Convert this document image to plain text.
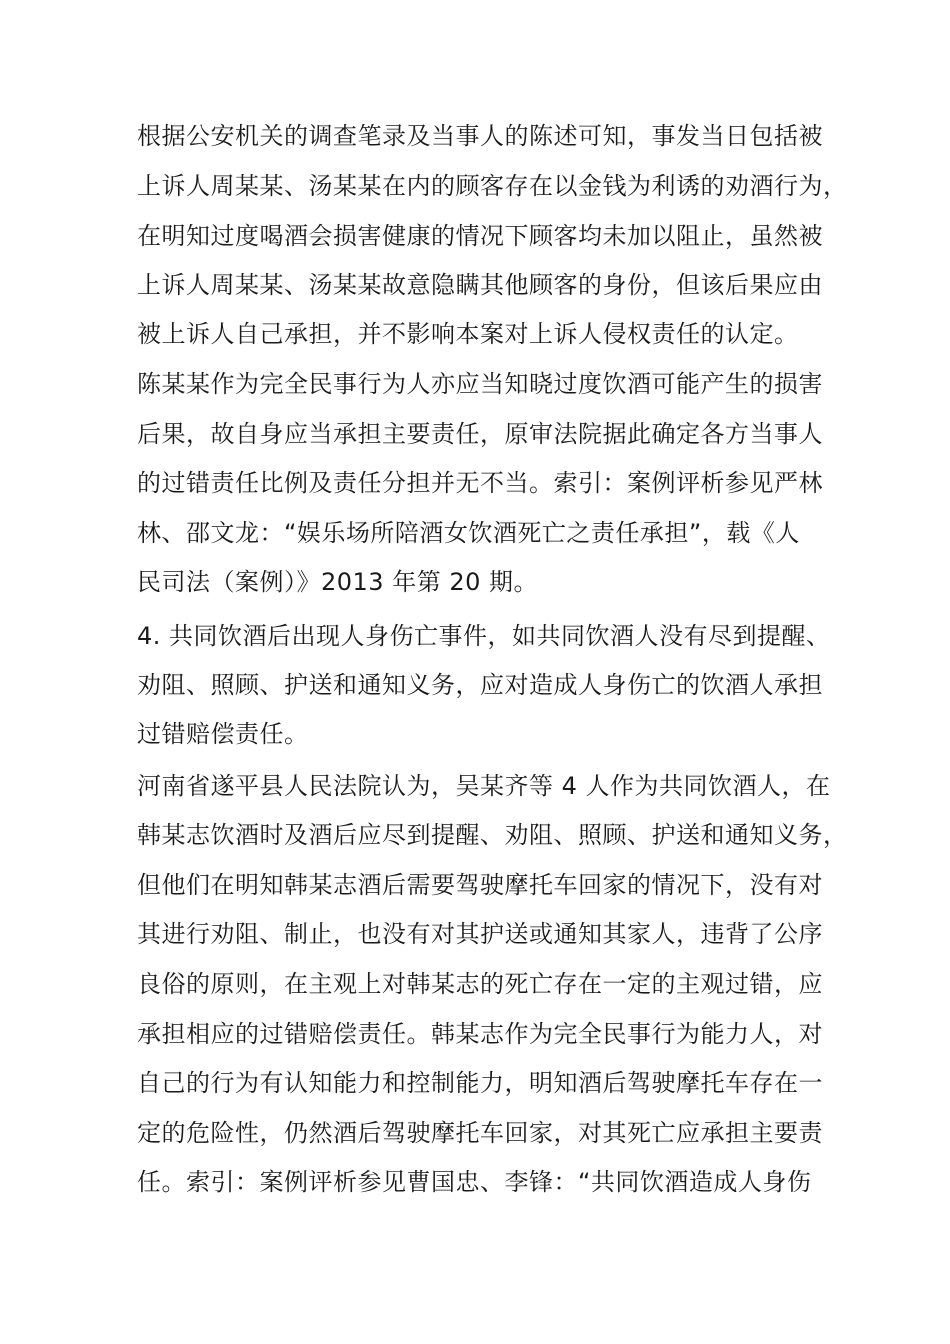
根据公安机关的调查笔录及当事人的陈述可知，事发当日包括被
上诉人周某某、汤某某在内的顾客存在以金钱为利诱的劝酒行为，
在明知过度喝酒会损害健康的情况下顾客均未加以阻止，虽然被
上诉人周某某、汤某某故意隐瞒其他顾客的身份，但该后果应由
被上诉人自己承担，并不影响本案对上诉人侵权责任的认定。
陈某某作为完全民事行为人亦应当知晓过度饮酒可能产生的损害
后果，故自身应当承担主要责任，原审法院据此确定各方当事人
的过错责任比例及责任分担并无不当。索引：案例评析参见严林
林、邵文龙：“娱乐场所陪酒女饮酒死亡之责任承担”，载《人
民司法（案例）》2013 年第 20 期。
4. 共同饮酒后出现人身伤亡事件，如共同饮酒人没有尽到提醒、
劝阻、照顾、护送和通知义务，应对造成人身伤亡的饮酒人承担
过错赔偿责任。
河南省遂平县人民法院认为，吴某齐等 4 人作为共同饮酒人，在
韩某志饮酒时及酒后应尽到提醒、劝阻、照顾、护送和通知义务，
但他们在明知韩某志酒后需要驾驶摩托车回家的情况下，没有对
其进行劝阻、制止，也没有对其护送或通知其家人，违背了公序
良俗的原则，在主观上对韩某志的死亡存在一定的主观过错，应
承担相应的过错赔偿责任。韩某志作为完全民事行为能力人，对
自己的行为有认知能力和控制能力，明知酒后驾驶摩托车存在一
定的危险性，仍然酒后驾驶摩托车回家，对其死亡应承担主要责
任。索引：案例评析参见曹国忠、李锋：“共同饮酒造成人身伤
